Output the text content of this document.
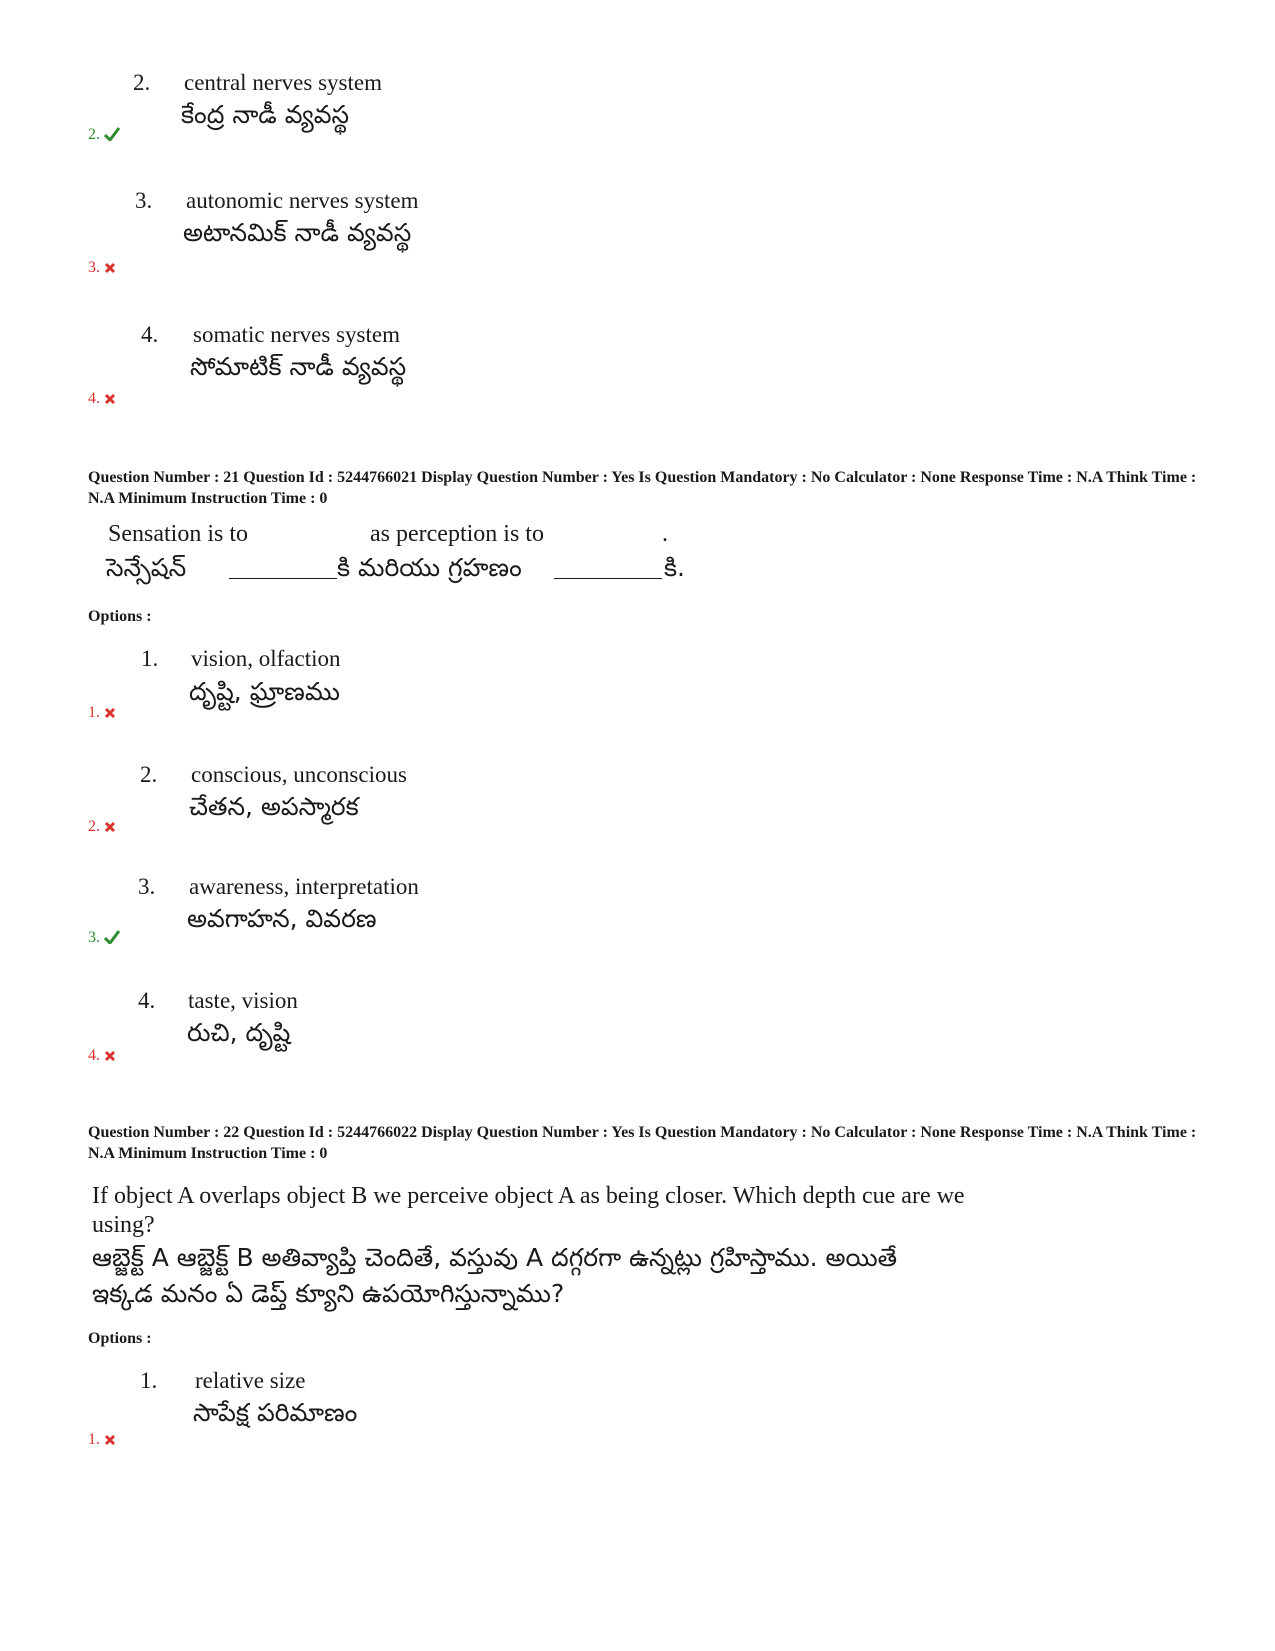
2. central nerves system
కేంద్ర నాడీ వ్యవస్థ
2.
3. autonomic nerves system
అటానమిక్ నాడీ వ్యవస్థ
3.
4. somatic nerves system
సోమాటిక్ నాడీ వ్యవస్థ
4.
Question Number : 21 Question Id : 5244766021 Display Question Number : Yes Is Question Mandatory : No Calculator : None Response Time : N.A Think Time : N.A Minimum Instruction Time : 0
Sensation is to	as perception is to	.
సెన్సేషన్	కి మరియు గ్రహణం	కి.
Options :
1. vision, olfaction
దృష్టి, ఘ్రాణము
1.
2. conscious, unconscious
చేతన, అపస్మారక
2.
3. awareness, interpretation
అవగాహన, వివరణ
3.
4. taste, vision
రుచి, దృష్టి
4.
Question Number : 22 Question Id : 5244766022 Display Question Number : Yes Is Question Mandatory : No Calculator : None Response Time : N.A Think Time : N.A Minimum Instruction Time : 0
If object A overlaps object B we perceive object A as being closer. Which depth cue are we
using?
ఆబ్జెక్ట్ A ఆబ్జెక్ట్ B అతివ్యాప్తి చెందితే, వస్తువు A దగ్గరగా ఉన్నట్లు గ్రహిస్తాము. అయితే
ఇక్కడ మనం ఏ డెప్త్ క్యూని ఉపయోగిస్తున్నాము?
Options :
1. relative size
సాపేక్ష పరిమాణం
1.
